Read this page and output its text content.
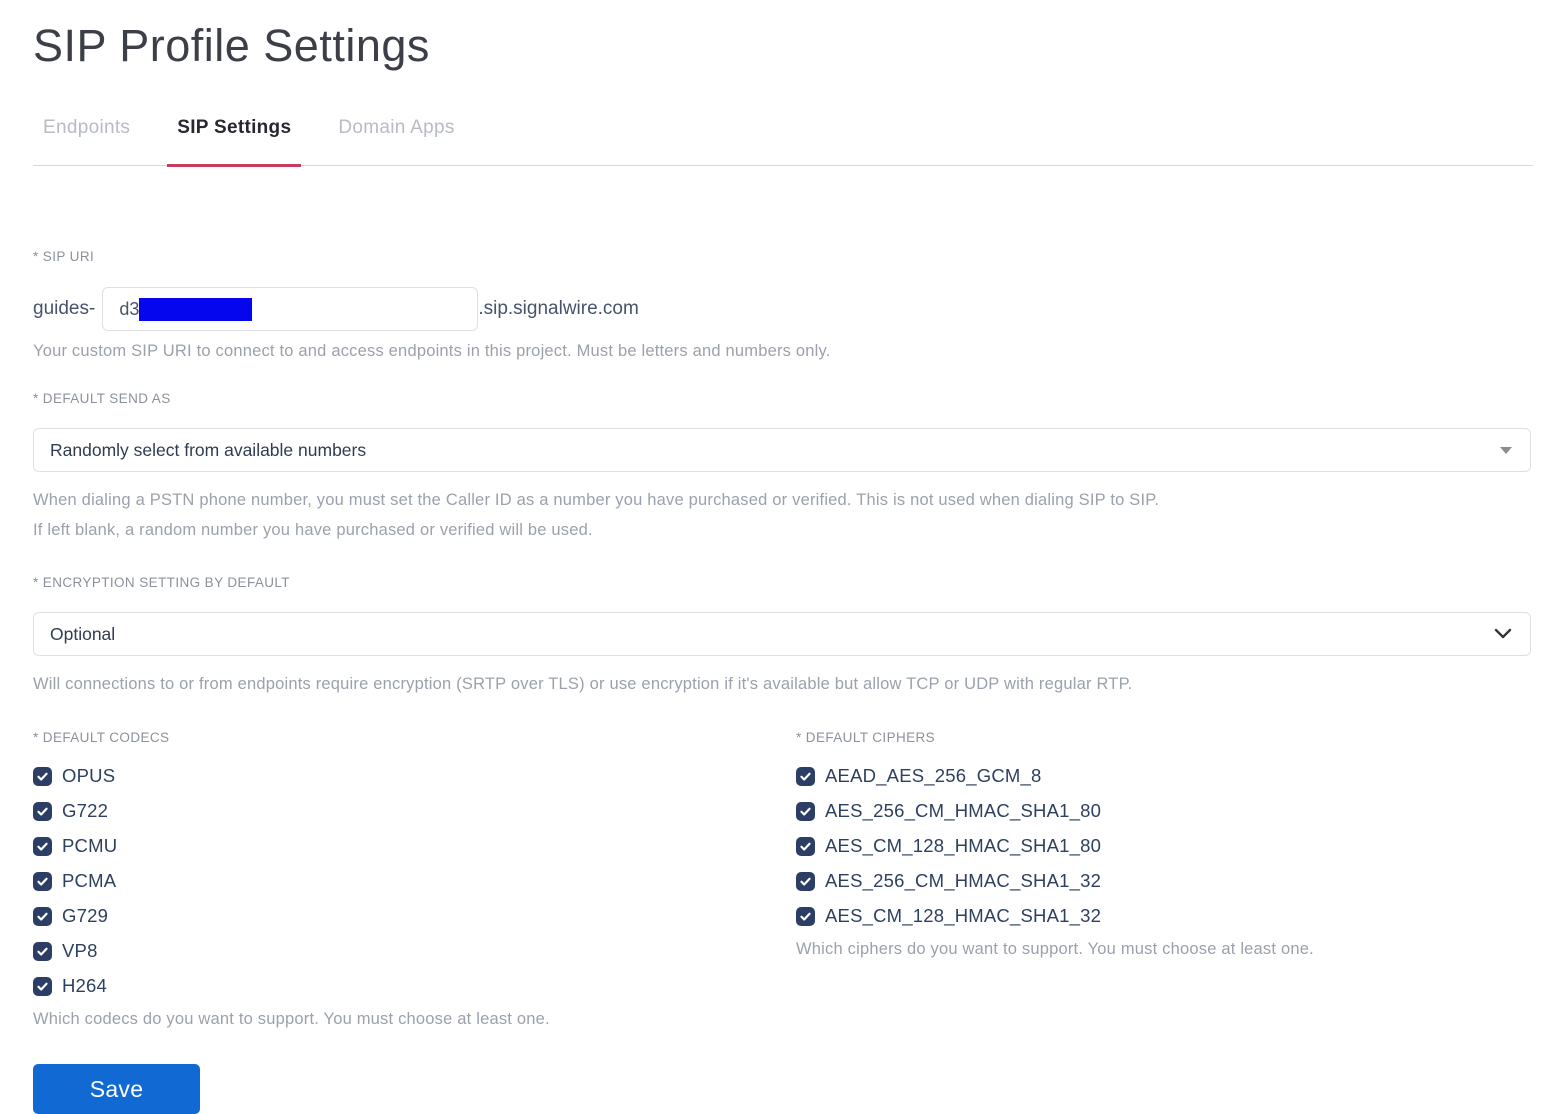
SIP Profile Settings
Endpoints	SIP Settings	Domain Apps
* SIP URI
guides- d3	.sip.signalwire.com
Your custom SIP URI to connect to and access endpoints in this project. Must be letters and numbers only.
* DEFAULT SEND AS
Randomly select from available numbers
When dialing a PSTN phone number, you must set the Caller ID as a number you have purchased or verified. This is not used when dialing SIP to SIP.
If left blank, a random number you have purchased or verified will be used.
* ENCRYPTION SETTING BY DEFAULT
Optional
Will connections to or from endpoints require encryption (SRTP over TLS) or use encryption if it's available but allow TCP or UDP with regular RTP.
* DEFAULT CODECS
OPUS
G722
PCMU
PCMA
G729
VP8
H264
Which codecs do you want to support. You must choose at least one.
Save
* DEFAULT CIPHERS
AEAD_AES_256_GCM_8
AES_256_CM_HMAC_SHA1_80
AES_CM_128_HMAC_SHA1_80
AES_256_CM_HMAC_SHA1_32
AES_CM_128_HMAC_SHA1_32
Which ciphers do you want to support. You must choose at least one.
